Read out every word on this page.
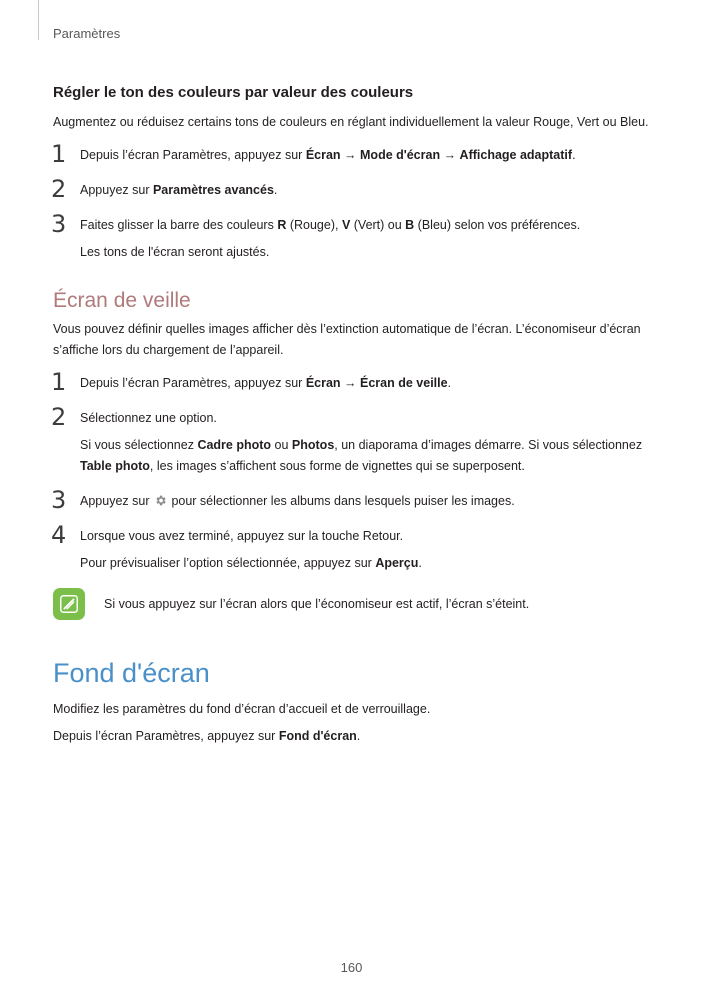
Paramètres
Régler le ton des couleurs par valeur des couleurs

Augmentez ou réduisez certains tons de couleurs en réglant individuellement la valeur Rouge, Vert ou Bleu.

1 Depuis l’écran Paramètres, appuyez sur Écran → Mode d'écran → Affichage adaptatif.
2 Appuyez sur Paramètres avancés.
3 Faites glisser la barre des couleurs R (Rouge), V (Vert) ou B (Bleu) selon vos préférences.
Les tons de l'écran seront ajustés.
Écran de veille

Vous pouvez définir quelles images afficher dès l’extinction automatique de l’écran. L’économiseur d’écran s’affiche lors du chargement de l’appareil.

1 Depuis l’écran Paramètres, appuyez sur Écran → Écran de veille.
2 Sélectionnez une option.
Si vous sélectionnez Cadre photo ou Photos, un diaporama d’images démarre. Si vous sélectionnez Table photo, les images s’affichent sous forme de vignettes qui se superposent.
3 Appuyez sur  pour sélectionner les albums dans lesquels puiser les images.
4 Lorsque vous avez terminé, appuyez sur la touche Retour.
Pour prévisualiser l’option sélectionnée, appuyez sur Aperçu.
Si vous appuyez sur l’écran alors que l’économiseur est actif, l’écran s’éteint.
Fond d'écran

Modifiez les paramètres du fond d’écran d’accueil et de verrouillage.

Depuis l’écran Paramètres, appuyez sur Fond d'écran.

160
